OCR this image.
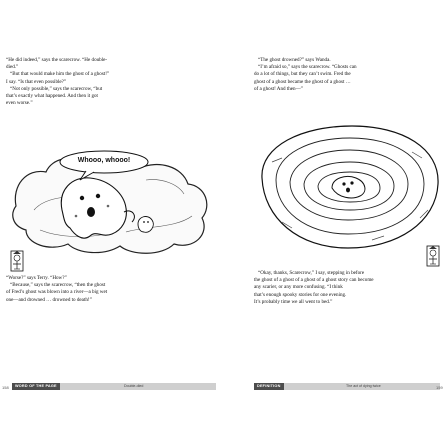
“He did indeed,” says the scarecrow. “He double-

died.”

“But that would make him the ghost of a ghost!”

I say. “Is that even possible?”

“Not only possible,” says the scarecrow, “but

that’s exactly what happened. And then it got

even worse.”

Whooo, whooo!

“Worse?” says Terry. “How?”

“Because,” says the scarecrow, “then the ghost

of Fred’s ghost was blown into a river—a big wet

one—and drowned … drowned to death!”

158	WORD OF THE PAGE	Double-died

“The ghost drowned?” says Wanda.

“I’m afraid so,” says the scarecrow. “Ghosts can

do a lot of things, but they can’t swim. Fred the

ghost of a ghost became the ghost of a ghost …

of a ghost! And then—”

“Okay, thanks, Scarecrow,” I say, stepping in before

the ghost of a ghost of a ghost of a ghost story can become

any scarier, or any more confusing. “I think

that’s enough spooky stories for one evening.

It’s probably time we all went to bed.”

DEFINITION	The act of dying twice	159
